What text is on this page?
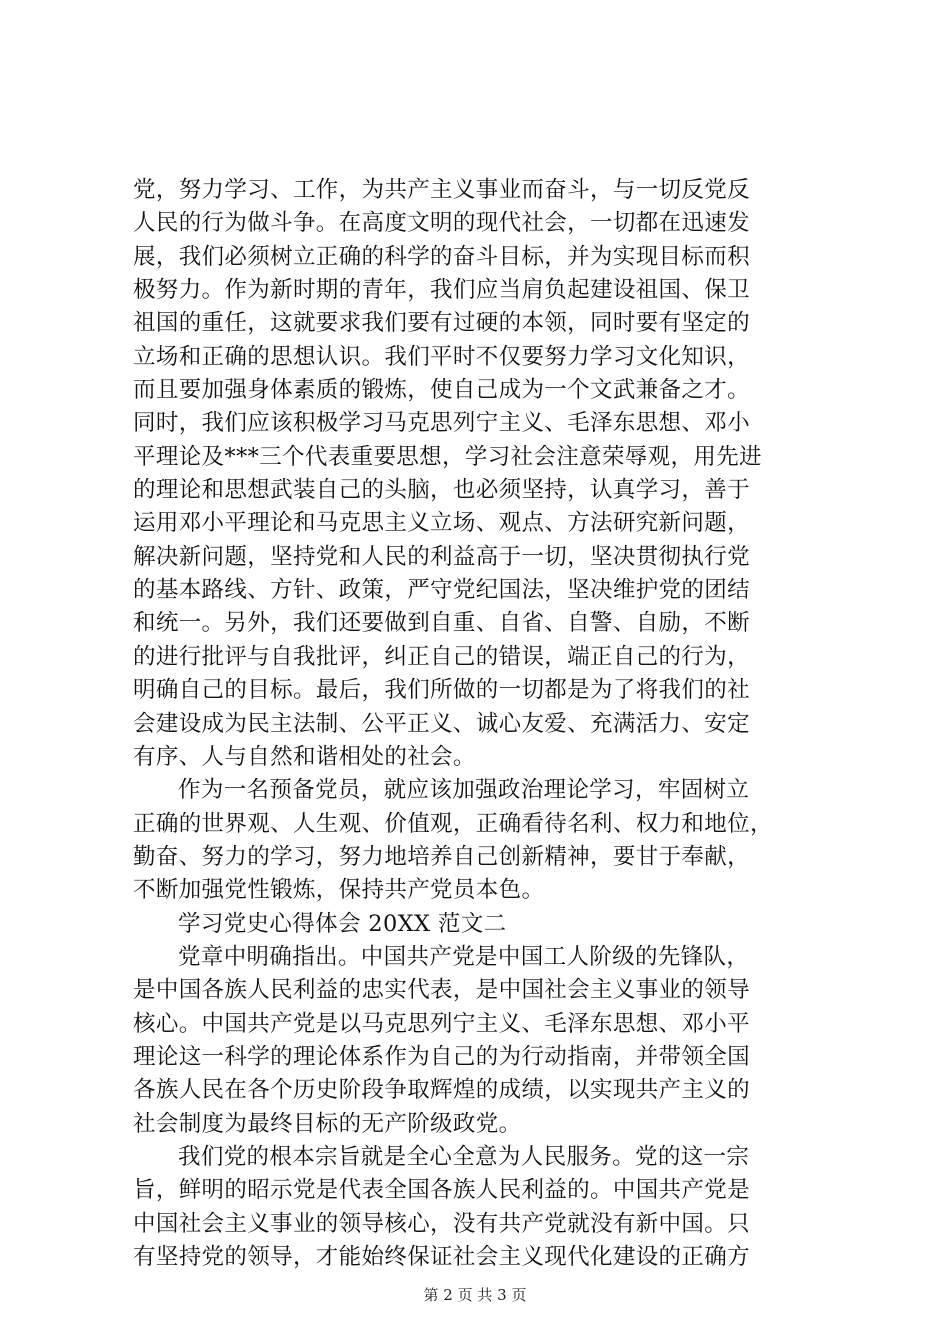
党，努力学习、工作，为共产主义事业而奋斗，与一切反党反
人民的行为做斗争。在高度文明的现代社会，一切都在迅速发
展，我们必须树立正确的科学的奋斗目标，并为实现目标而积
极努力。作为新时期的青年，我们应当肩负起建设祖国、保卫
祖国的重任，这就要求我们要有过硬的本领，同时要有坚定的
立场和正确的思想认识。我们平时不仅要努力学习文化知识，
而且要加强身体素质的锻炼，使自己成为一个文武兼备之才。
同时，我们应该积极学习马克思列宁主义、毛泽东思想、邓小
平理论及***三个代表重要思想，学习社会注意荣辱观，用先进
的理论和思想武装自己的头脑，也必须坚持，认真学习，善于
运用邓小平理论和马克思主义立场、观点、方法研究新问题，
解决新问题，坚持党和人民的利益高于一切，坚决贯彻执行党
的基本路线、方针、政策，严守党纪国法，坚决维护党的团结
和统一。另外，我们还要做到自重、自省、自警、自励，不断
的进行批评与自我批评，纠正自己的错误，端正自己的行为，
明确自己的目标。最后，我们所做的一切都是为了将我们的社
会建设成为民主法制、公平正义、诚心友爱、充满活力、安定
有序、人与自然和谐相处的社会。
作为一名预备党员，就应该加强政治理论学习，牢固树立
正确的世界观、人生观、价值观，正确看待名利、权力和地位，
勤奋、努力的学习，努力地培养自己创新精神，要甘于奉献，
不断加强党性锻炼，保持共产党员本色。
学习党史心得体会 20XX 范文二
党章中明确指出。中国共产党是中国工人阶级的先锋队，
是中国各族人民利益的忠实代表，是中国社会主义事业的领导
核心。中国共产党是以马克思列宁主义、毛泽东思想、邓小平
理论这一科学的理论体系作为自己的为行动指南，并带领全国
各族人民在各个历史阶段争取辉煌的成绩，以实现共产主义的
社会制度为最终目标的无产阶级政党。
我们党的根本宗旨就是全心全意为人民服务。党的这一宗
旨，鲜明的昭示党是代表全国各族人民利益的。中国共产党是
中国社会主义事业的领导核心，没有共产党就没有新中国。只
有坚持党的领导，才能始终保证社会主义现代化建设的正确方
第 2 页 共 3 页
